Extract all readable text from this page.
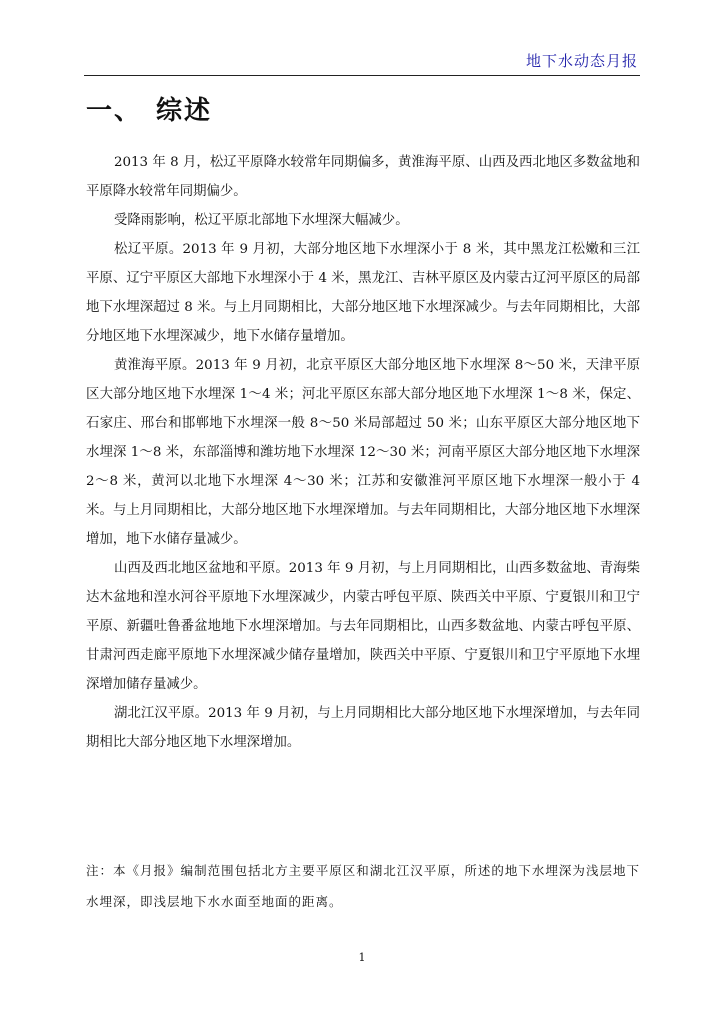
地下水动态月报
一、 综述

2013 年 8 月，松辽平原降水较常年同期偏多，黄淮海平原、山西及西北地区多数盆地和平原降水较常年同期偏少。

受降雨影响，松辽平原北部地下水埋深大幅减少。

松辽平原。2013 年 9 月初，大部分地区地下水埋深小于 8 米，其中黑龙江松嫩和三江平原、辽宁平原区大部地下水埋深小于 4 米，黑龙江、吉林平原区及内蒙古辽河平原区的局部地下水埋深超过 8 米。与上月同期相比，大部分地区地下水埋深减少。与去年同期相比，大部分地区地下水埋深减少，地下水储存量增加。

黄淮海平原。2013 年 9 月初，北京平原区大部分地区地下水埋深 8～50 米，天津平原区大部分地区地下水埋深 1～4 米；河北平原区东部大部分地区地下水埋深 1～8 米，保定、石家庄、邢台和邯郸地下水埋深一般 8～50 米局部超过 50 米；山东平原区大部分地区地下水埋深 1～8 米，东部淄博和潍坊地下水埋深 12～30 米；河南平原区大部分地区地下水埋深 2～8 米，黄河以北地下水埋深 4～30 米；江苏和安徽淮河平原区地下水埋深一般小于 4 米。与上月同期相比，大部分地区地下水埋深增加。与去年同期相比，大部分地区地下水埋深增加，地下水储存量减少。

山西及西北地区盆地和平原。2013 年 9 月初，与上月同期相比，山西多数盆地、青海柴达木盆地和湟水河谷平原地下水埋深减少，内蒙古呼包平原、陕西关中平原、宁夏银川和卫宁平原、新疆吐鲁番盆地地下水埋深增加。与去年同期相比，山西多数盆地、内蒙古呼包平原、甘肃河西走廊平原地下水埋深减少储存量增加，陕西关中平原、宁夏银川和卫宁平原地下水埋深增加储存量减少。

湖北江汉平原。2013 年 9 月初，与上月同期相比大部分地区地下水埋深增加，与去年同期相比大部分地区地下水埋深增加。

注：本《月报》编制范围包括北方主要平原区和湖北江汉平原，所述的地下水埋深为浅层地下水埋深，即浅层地下水水面至地面的距离。

1
